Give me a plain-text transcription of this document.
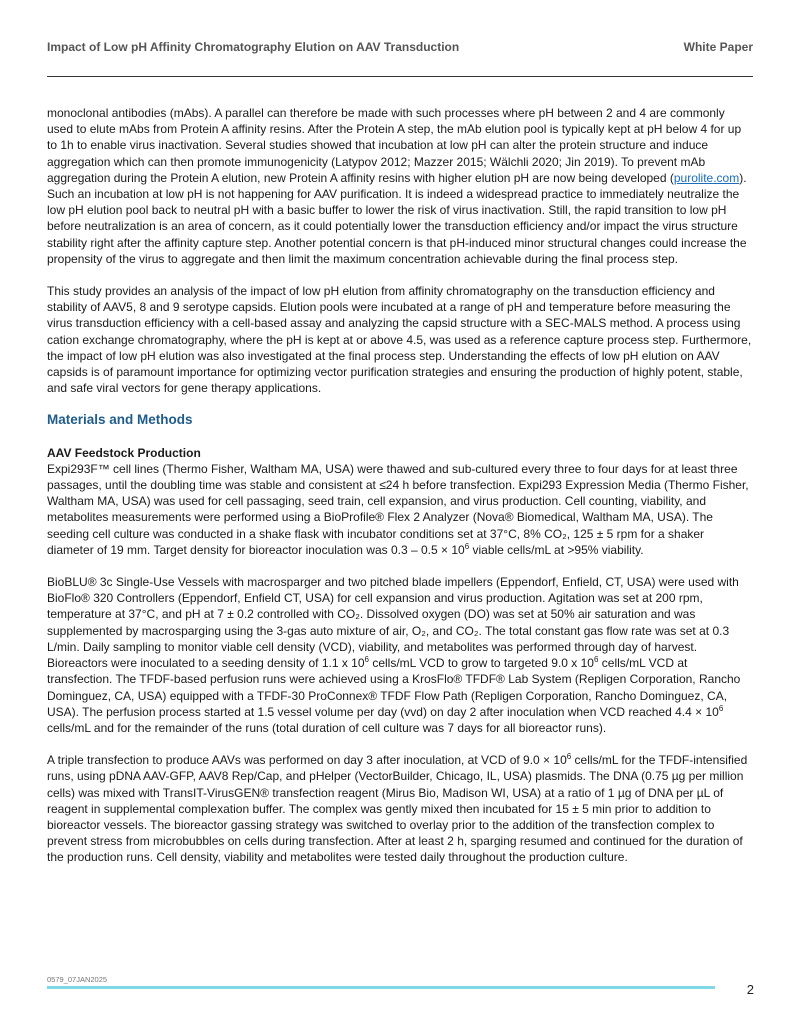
Impact of Low pH Affinity Chromatography Elution on AAV Transduction	White Paper

monoclonal antibodies (mAbs). A parallel can therefore be made with such processes where pH between 2 and 4 are commonly used to elute mAbs from Protein A affinity resins. After the Protein A step, the mAb elution pool is typically kept at pH below 4 for up to 1h to enable virus inactivation. Several studies showed that incubation at low pH can alter the protein structure and induce aggregation which can then promote immunogenicity (Latypov 2012; Mazzer 2015; Wälchli 2020; Jin 2019). To prevent mAb aggregation during the Protein A elution, new Protein A affinity resins with higher elution pH are now being developed (purolite.com). Such an incubation at low pH is not happening for AAV purification. It is indeed a widespread practice to immediately neutralize the low pH elution pool back to neutral pH with a basic buffer to lower the risk of virus inactivation. Still, the rapid transition to low pH before neutralization is an area of concern, as it could potentially lower the transduction efficiency and/or impact the virus structure stability right after the affinity capture step. Another potential concern is that pH-induced minor structural changes could increase the propensity of the virus to aggregate and then limit the maximum concentration achievable during the final process step.

This study provides an analysis of the impact of low pH elution from affinity chromatography on the transduction efficiency and stability of AAV5, 8 and 9 serotype capsids. Elution pools were incubated at a range of pH and temperature before measuring the virus transduction efficiency with a cell-based assay and analyzing the capsid structure with a SEC-MALS method. A process using cation exchange chromatography, where the pH is kept at or above 4.5, was used as a reference capture process step. Furthermore, the impact of low pH elution was also investigated at the final process step. Understanding the effects of low pH elution on AAV capsids is of paramount importance for optimizing vector purification strategies and ensuring the production of highly potent, stable, and safe viral vectors for gene therapy applications.

Materials and Methods
AAV Feedstock Production

Expi293F™ cell lines (Thermo Fisher, Waltham MA, USA) were thawed and sub-cultured every three to four days for at least three passages, until the doubling time was stable and consistent at ≤24 h before transfection. Expi293 Expression Media (Thermo Fisher, Waltham MA, USA) was used for cell passaging, seed train, cell expansion, and virus production. Cell counting, viability, and metabolites measurements were performed using a BioProfile® Flex 2 Analyzer (Nova® Biomedical, Waltham MA, USA). The seeding cell culture was conducted in a shake flask with incubator conditions set at 37°C, 8% CO₂, 125 ± 5 rpm for a shaker diameter of 19 mm. Target density for bioreactor inoculation was $0.3 - 0.5 \times 10^6$ viable cells/mL at >95% viability.

BioBLU® 3c Single-Use Vessels with macrosparger and two pitched blade impellers (Eppendorf, Enfield, CT, USA) were used with BioFlo® 320 Controllers (Eppendorf, Enfield CT, USA) for cell expansion and virus production. Agitation was set at 200 rpm, temperature at 37°C, and pH at 7 ± 0.2 controlled with CO₂. Dissolved oxygen (DO) was set at 50% air saturation and was supplemented by macrosparging using the 3-gas auto mixture of air, O₂, and CO₂. The total constant gas flow rate was set at 0.3 L/min. Daily sampling to monitor viable cell density (VCD), viability, and metabolites was performed through day of harvest. Bioreactors were inoculated to a seeding density of 1.1 x $10^6$ cells/mL VCD to grow to targeted 9.0 x $10^6$ cells/mL VCD at transfection. The TFDF-based perfusion runs were achieved using a KrosFlo® TFDF® Lab System (Repligen Corporation, Rancho Dominguez, CA, USA) equipped with a TFDF-30 ProConnex® TFDF Flow Path (Repligen Corporation, Rancho Dominguez, CA, USA). The perfusion process started at 1.5 vessel volume per day (vvd) on day 2 after inoculation when VCD reached $4.4 \times 10^6$ cells/mL and for the remainder of the runs (total duration of cell culture was 7 days for all bioreactor runs).

A triple transfection to produce AAVs was performed on day 3 after inoculation, at VCD of $9.0 \times 10^6$ cells/mL for the TFDF-intensified runs, using pDNA AAV-GFP, AAV8 Rep/Cap, and pHelper (VectorBuilder, Chicago, IL, USA) plasmids. The DNA (0.75 µg per million cells) was mixed with TransIT-VirusGEN® transfection reagent (Mirus Bio, Madison WI, USA) at a ratio of 1 µg of DNA per µL of reagent in supplemental complexation buffer. The complex was gently mixed then incubated for 15 ± 5 min prior to addition to bioreactor vessels. The bioreactor gassing strategy was switched to overlay prior to the addition of the transfection complex to prevent stress from microbubbles on cells during transfection. After at least 2 h, sparging resumed and continued for the duration of the production runs. Cell density, viability and metabolites were tested daily throughout the production culture.

0579_07JAN2025
2
